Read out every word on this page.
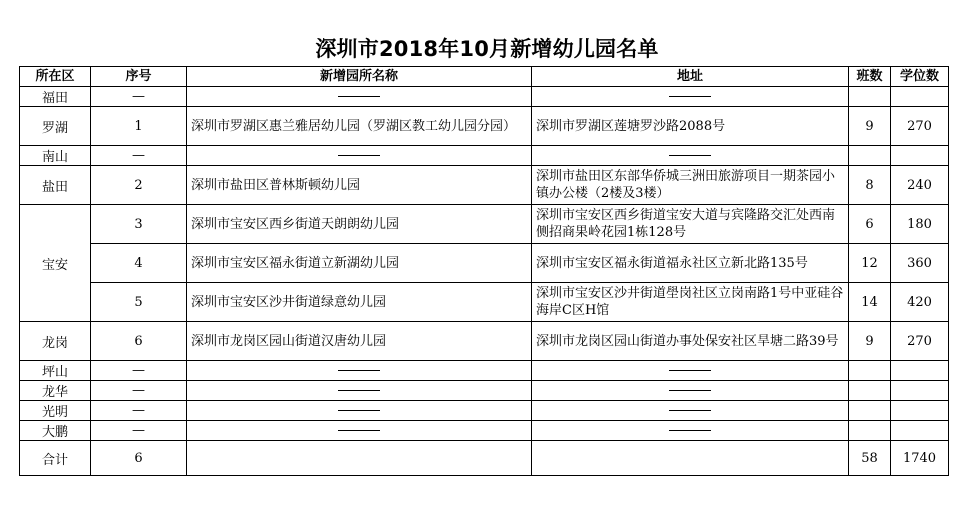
深圳市2018年10月新增幼儿园名单
所在区	序号	新增园所名称	地址	班数	学位数
福田	—				
罗湖	1	深圳市罗湖区惠兰雅居幼儿园（罗湖区教工幼儿园分园）	深圳市罗湖区莲塘罗沙路2088号	9	270
南山	—				
盐田	2	深圳市盐田区普林斯顿幼儿园	深圳市盐田区东部华侨城三洲田旅游项目一期茶园小镇办公楼（2楼及3楼）	8	240
宝安	3	深圳市宝安区西乡街道天朗朗幼儿园	深圳市宝安区西乡街道宝安大道与宾隆路交汇处西南侧招商果岭花园1栋128号	6	180
	4	深圳市宝安区福永街道立新湖幼儿园	深圳市宝安区福永街道福永社区立新北路135号	12	360
	5	深圳市宝安区沙井街道绿意幼儿园	深圳市宝安区沙井街道壆岗社区立岗南路1号中亚硅谷海岸C区H馆	14	420
龙岗	6	深圳市龙岗区园山街道汉唐幼儿园	深圳市龙岗区园山街道办事处保安社区旱塘二路39号	9	270
坪山	—				
龙华	—				
光明	—				
大鹏	—				
合计	6			58	1740
